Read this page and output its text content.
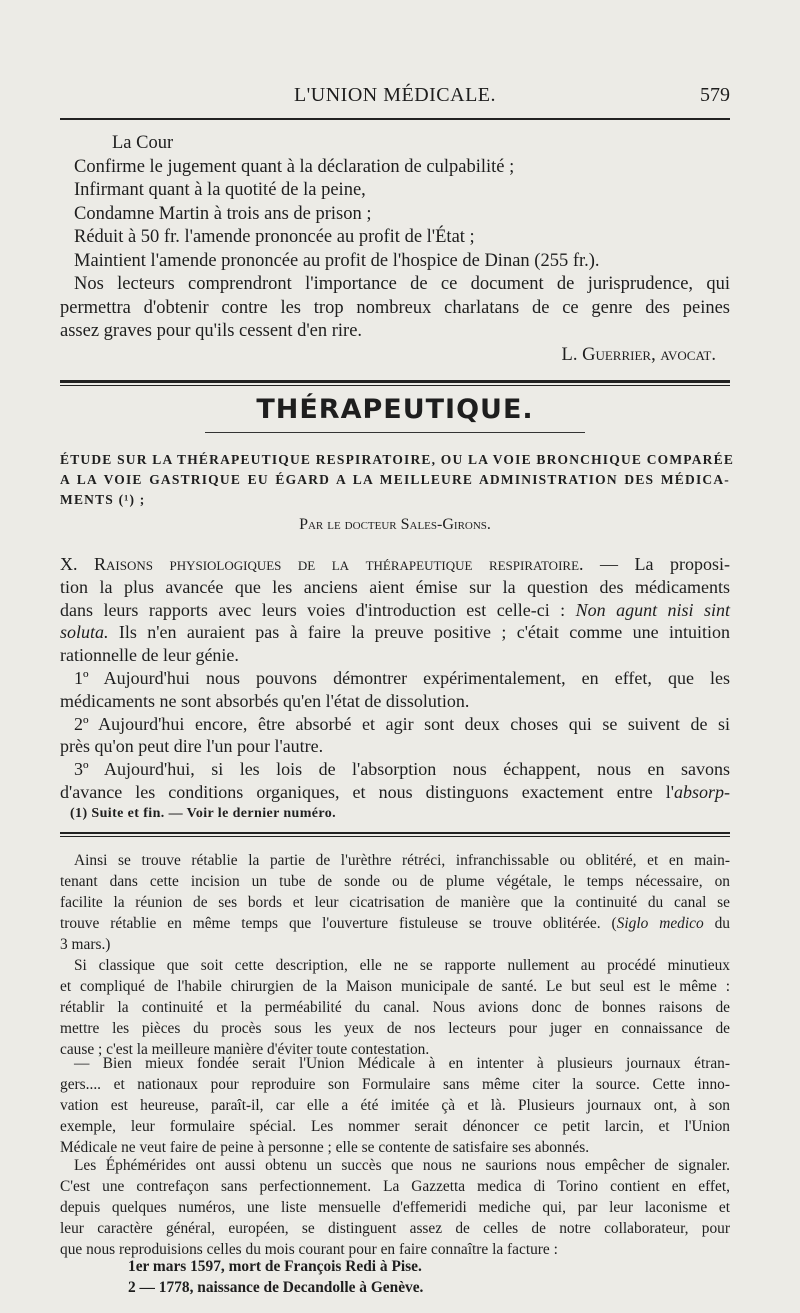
L'UNION MÉDICALE.	579
La Cour
Confirme le jugement quant à la déclaration de culpabilité ;
Infirmant quant à la quotité de la peine,
Condamne Martin à trois ans de prison ;
Réduit à 50 fr. l'amende prononcée au profit de l'État ;
Maintient l'amende prononcée au profit de l'hospice de Dinan (255 fr.).
Nos lecteurs comprendront l'importance de ce document de jurisprudence, qui
permettra d'obtenir contre les trop nombreux charlatans de ce genre des peines
assez graves pour qu'ils cessent d'en rire.
L. Guerrier, avocat.
THÉRAPEUTIQUE.
ÉTUDE SUR LA THÉRAPEUTIQUE RESPIRATOIRE, OU LA VOIE BRONCHIQUE COMPARÉE
A LA VOIE GASTRIQUE EU ÉGARD A LA MEILLEURE ADMINISTRATION DES MÉDICA-
MENTS (¹) ;
Par le docteur Sales-Girons.
X. Raisons physiologiques de la thérapeutique respiratoire. — La proposi-
tion la plus avancée que les anciens aient émise sur la question des médicaments
dans leurs rapports avec leurs voies d'introduction est celle-ci : Non agunt nisi sint
soluta. Ils n'en auraient pas à faire la preuve positive ; c'était comme une intuition
rationnelle de leur génie.
1º Aujourd'hui nous pouvons démontrer expérimentalement, en effet, que les
médicaments ne sont absorbés qu'en l'état de dissolution.
2º Aujourd'hui encore, être absorbé et agir sont deux choses qui se suivent de si
près qu'on peut dire l'un pour l'autre.
3º Aujourd'hui, si les lois de l'absorption nous échappent, nous en savons
d'avance les conditions organiques, et nous distinguons exactement entre l'absorp-
(1) Suite et fin. — Voir le dernier numéro.
Ainsi se trouve rétablie la partie de l'urèthre rétréci, infranchissable ou oblitéré, et en main-
tenant dans cette incision un tube de sonde ou de plume végétale, le temps nécessaire, on
facilite la réunion de ses bords et leur cicatrisation de manière que la continuité du canal se
trouve rétablie en même temps que l'ouverture fistuleuse se trouve oblitérée. (Siglo medico du
3 mars.)
Si classique que soit cette description, elle ne se rapporte nullement au procédé minutieux
et compliqué de l'habile chirurgien de la Maison municipale de santé. Le but seul est le même :
rétablir la continuité et la perméabilité du canal. Nous avions donc de bonnes raisons de
mettre les pièces du procès sous les yeux de nos lecteurs pour juger en connaissance de
cause ; c'est la meilleure manière d'éviter toute contestation.
— Bien mieux fondée serait l'Union Médicale à en intenter à plusieurs journaux étran-
gers.... et nationaux pour reproduire son Formulaire sans même citer la source. Cette inno-
vation est heureuse, paraît-il, car elle a été imitée çà et là. Plusieurs journaux ont, à son
exemple, leur formulaire spécial. Les nommer serait dénoncer ce petit larcin, et l'Union
Médicale ne veut faire de peine à personne ; elle se contente de satisfaire ses abonnés.
Les Éphémérides ont aussi obtenu un succès que nous ne saurions nous empêcher de signaler.
C'est une contrefaçon sans perfectionnement. La Gazzetta medica di Torino contient en effet,
depuis quelques numéros, une liste mensuelle d'effemeridi mediche qui, par leur laconisme et
leur caractère général, européen, se distinguent assez de celles de notre collaborateur, pour
que nous reproduisions celles du mois courant pour en faire connaître la facture :
1er mars 1597, mort de François Redi à Pise.
2 — 1778, naissance de Decandolle à Genève.
